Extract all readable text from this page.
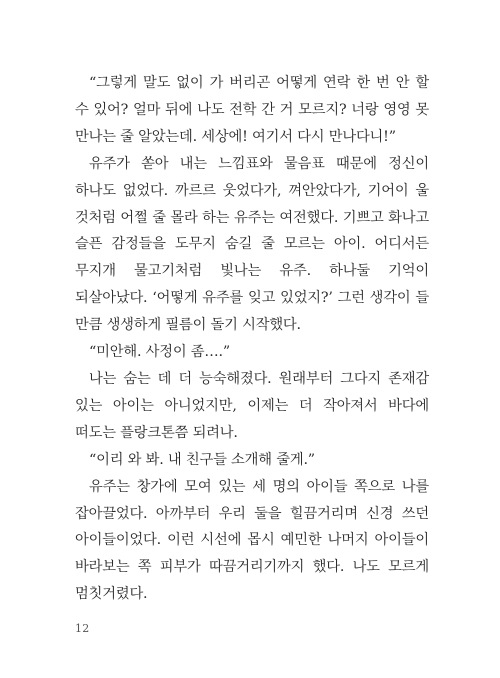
“그렇게 말도 없이 가 버리곤 어떻게 연락 한 번 안 할 수 있어? 얼마 뒤에 나도 전학 간 거 모르지? 너랑 영영 못 만나는 줄 알았는데. 세상에! 여기서 다시 만나다니!”

유주가 쏟아 내는 느낌표와 물음표 때문에 정신이 하나도 없었다. 까르르 웃었다가, 껴안았다가, 기어이 울 것처럼 어쩔 줄 몰라 하는 유주는 여전했다. 기쁘고 화나고 슬픈 감정들을 도무지 숨길 줄 모르는 아이. 어디서든 무지개 물고기처럼 빛나는 유주. 하나둘 기억이 되살아났다. ‘어떻게 유주를 잊고 있었지?’ 그런 생각이 들 만큼 생생하게 필름이 돌기 시작했다.

“미안해. 사정이 좀….”

나는 숨는 데 더 능숙해졌다. 원래부터 그다지 존재감 있는 아이는 아니었지만, 이제는 더 작아져서 바다에 떠도는 플랑크톤쯤 되려나.

“이리 와 봐. 내 친구들 소개해 줄게.”

유주는 창가에 모여 있는 세 명의 아이들 쪽으로 나를 잡아끌었다. 아까부터 우리 둘을 힐끔거리며 신경 쓰던 아이들이었다. 이런 시선에 몹시 예민한 나머지 아이들이 바라보는 쪽 피부가 따끔거리기까지 했다. 나도 모르게 멈칫거렸다.

12
